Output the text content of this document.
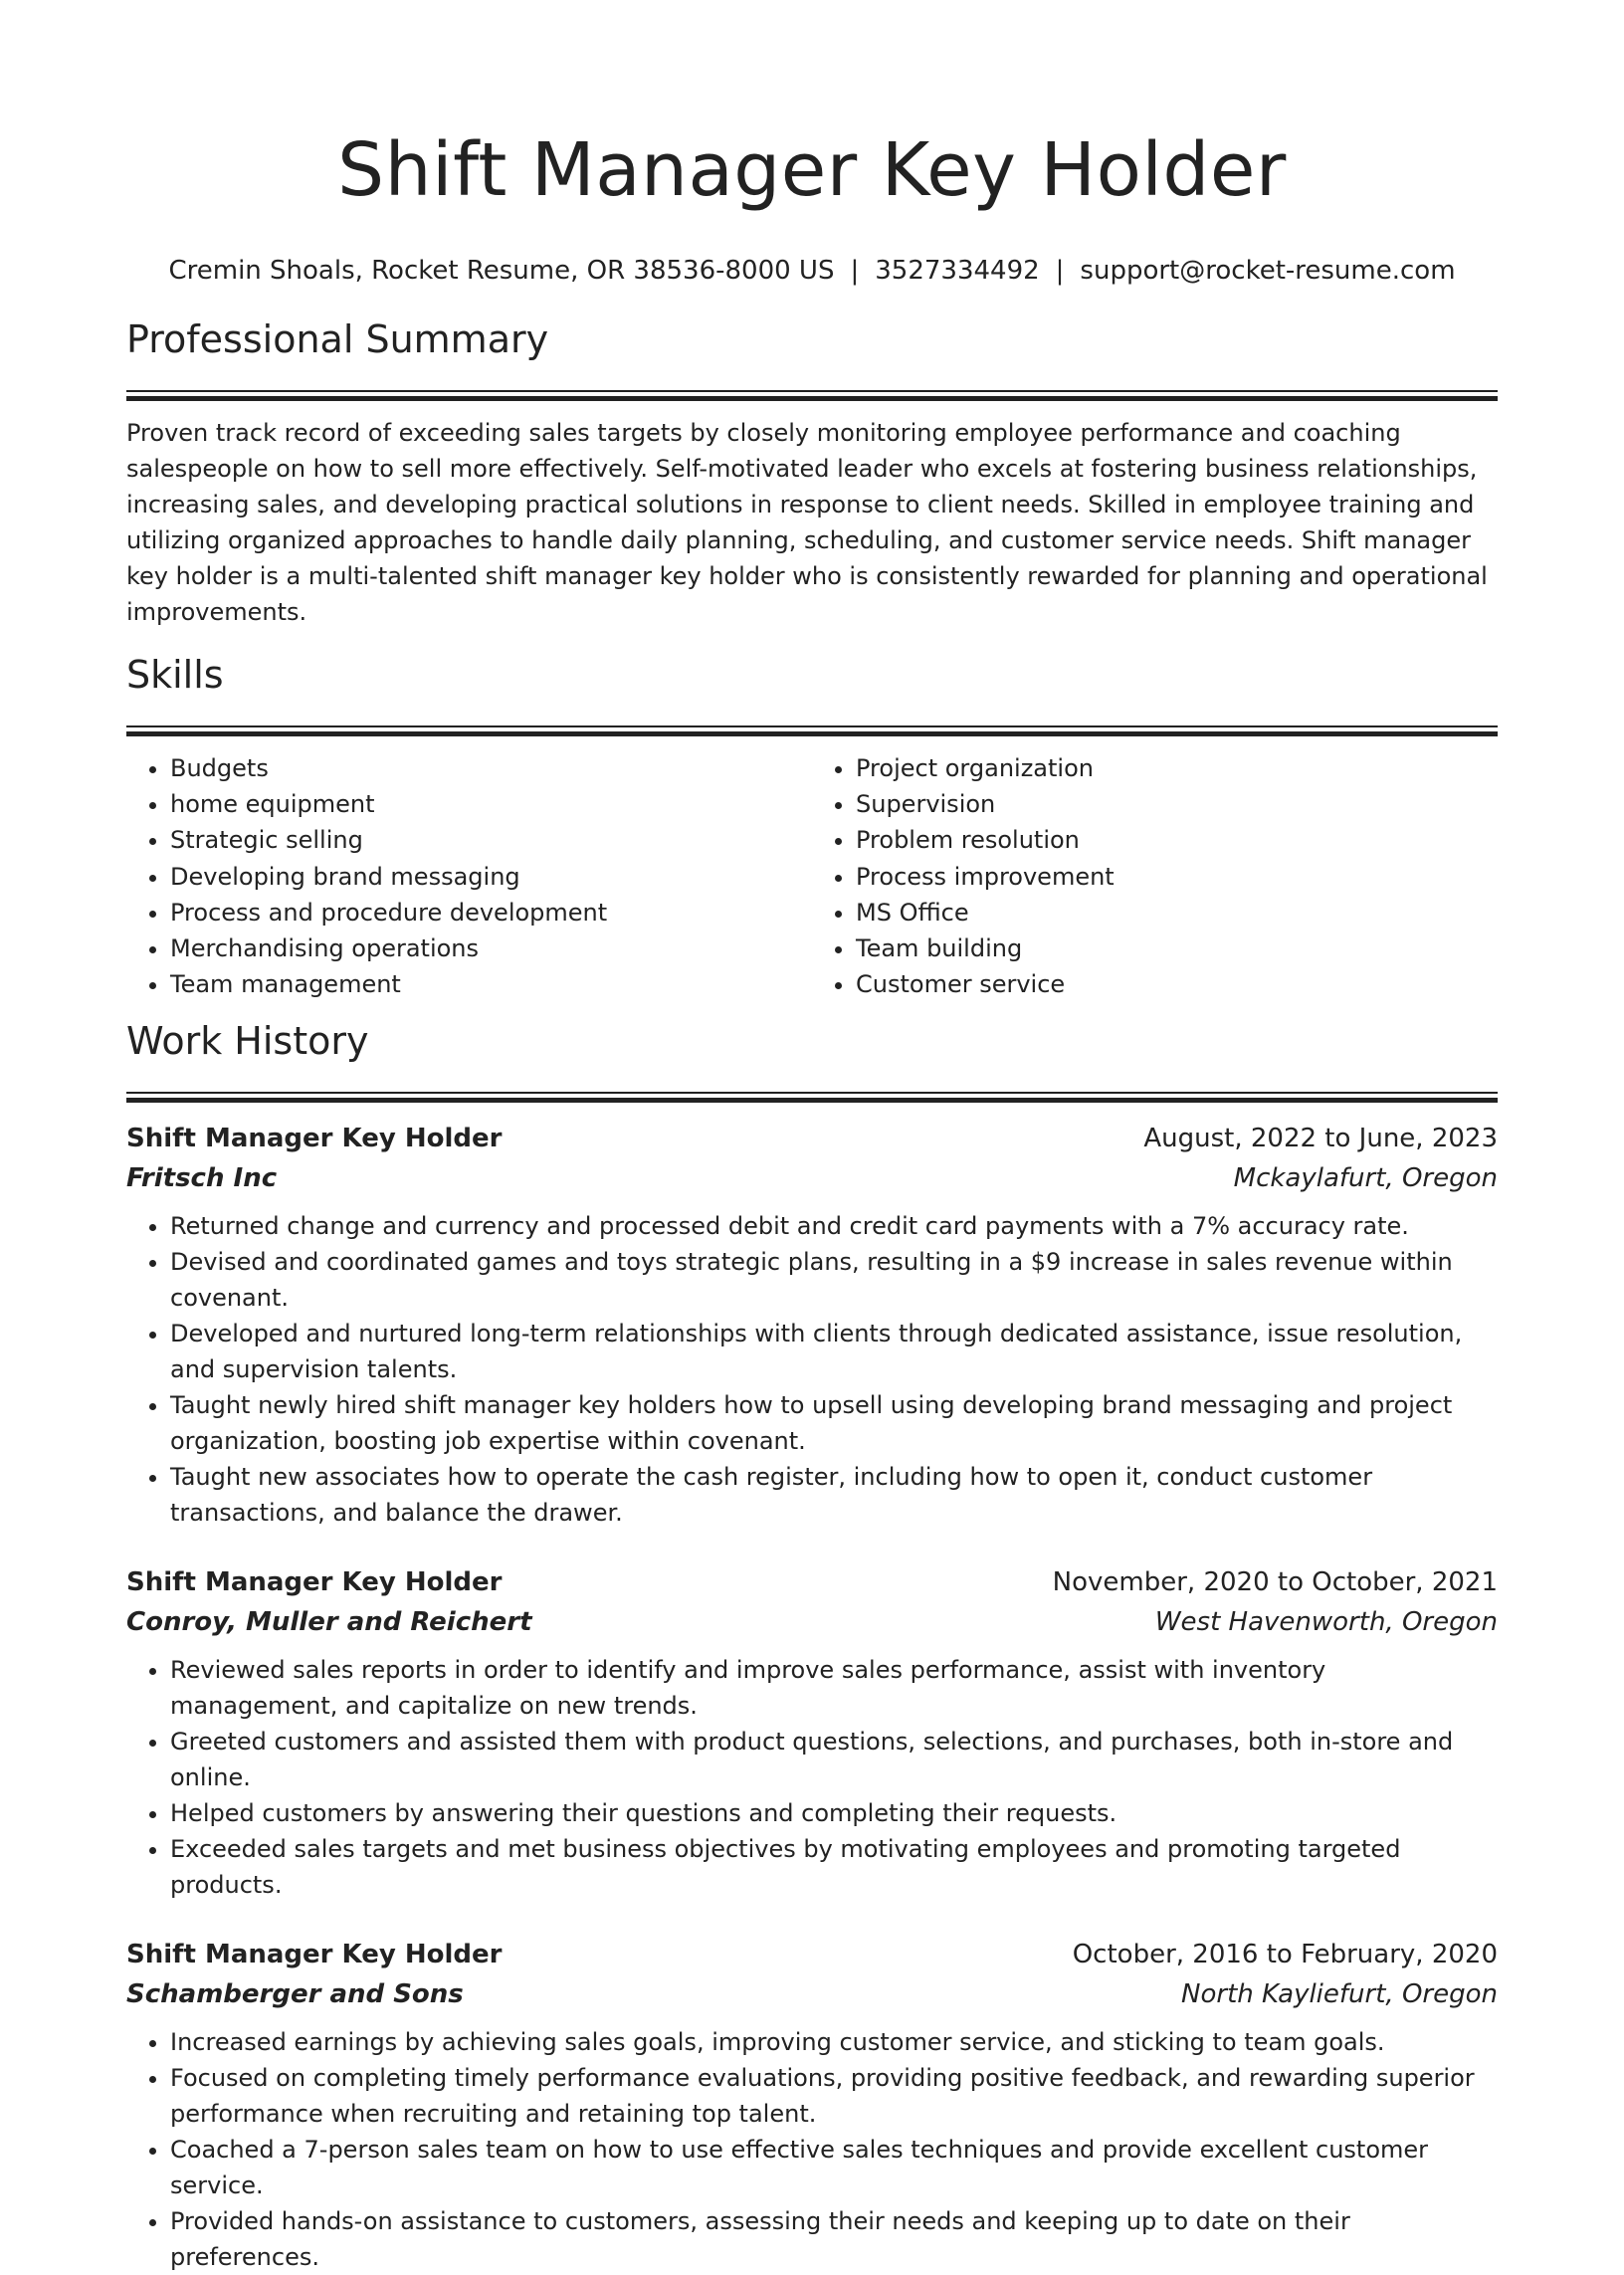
Shift Manager Key Holder
Cremin Shoals, Rocket Resume, OR 38536-8000 US | 3527334492 | support@rocket-resume.com
Professional Summary

Proven track record of exceeding sales targets by closely monitoring employee performance and coaching salespeople on how to sell more effectively. Self-motivated leader who excels at fostering business relationships, increasing sales, and developing practical solutions in response to client needs. Skilled in employee training and utilizing organized approaches to handle daily planning, scheduling, and customer service needs. Shift manager key holder is a multi-talented shift manager key holder who is consistently rewarded for planning and operational improvements.

Skills
• Budgets
• home equipment
• Strategic selling
• Developing brand messaging
• Process and procedure development
• Merchandising operations
• Team management
• Project organization
• Supervision
• Problem resolution
• Process improvement
• MS Office
• Team building
• Customer service
Work History
Shift Manager Key Holder	August, 2022 to June, 2023
Fritsch Inc	Mckaylafurt, Oregon
• Returned change and currency and processed debit and credit card payments with a 7% accuracy rate.
• Devised and coordinated games and toys strategic plans, resulting in a $9 increase in sales revenue within covenant.
• Developed and nurtured long-term relationships with clients through dedicated assistance, issue resolution, and supervision talents.
• Taught newly hired shift manager key holders how to upsell using developing brand messaging and project organization, boosting job expertise within covenant.
• Taught new associates how to operate the cash register, including how to open it, conduct customer transactions, and balance the drawer.
Shift Manager Key Holder	November, 2020 to October, 2021
Conroy, Muller and Reichert	West Havenworth, Oregon
• Reviewed sales reports in order to identify and improve sales performance, assist with inventory management, and capitalize on new trends.
• Greeted customers and assisted them with product questions, selections, and purchases, both in-store and online.
• Helped customers by answering their questions and completing their requests.
• Exceeded sales targets and met business objectives by motivating employees and promoting targeted products.
Shift Manager Key Holder	October, 2016 to February, 2020
Schamberger and Sons	North Kayliefurt, Oregon
• Increased earnings by achieving sales goals, improving customer service, and sticking to team goals.
• Focused on completing timely performance evaluations, providing positive feedback, and rewarding superior performance when recruiting and retaining top talent.
• Coached a 7-person sales team on how to use effective sales techniques and provide excellent customer service.
• Provided hands-on assistance to customers, assessing their needs and keeping up to date on their preferences.
